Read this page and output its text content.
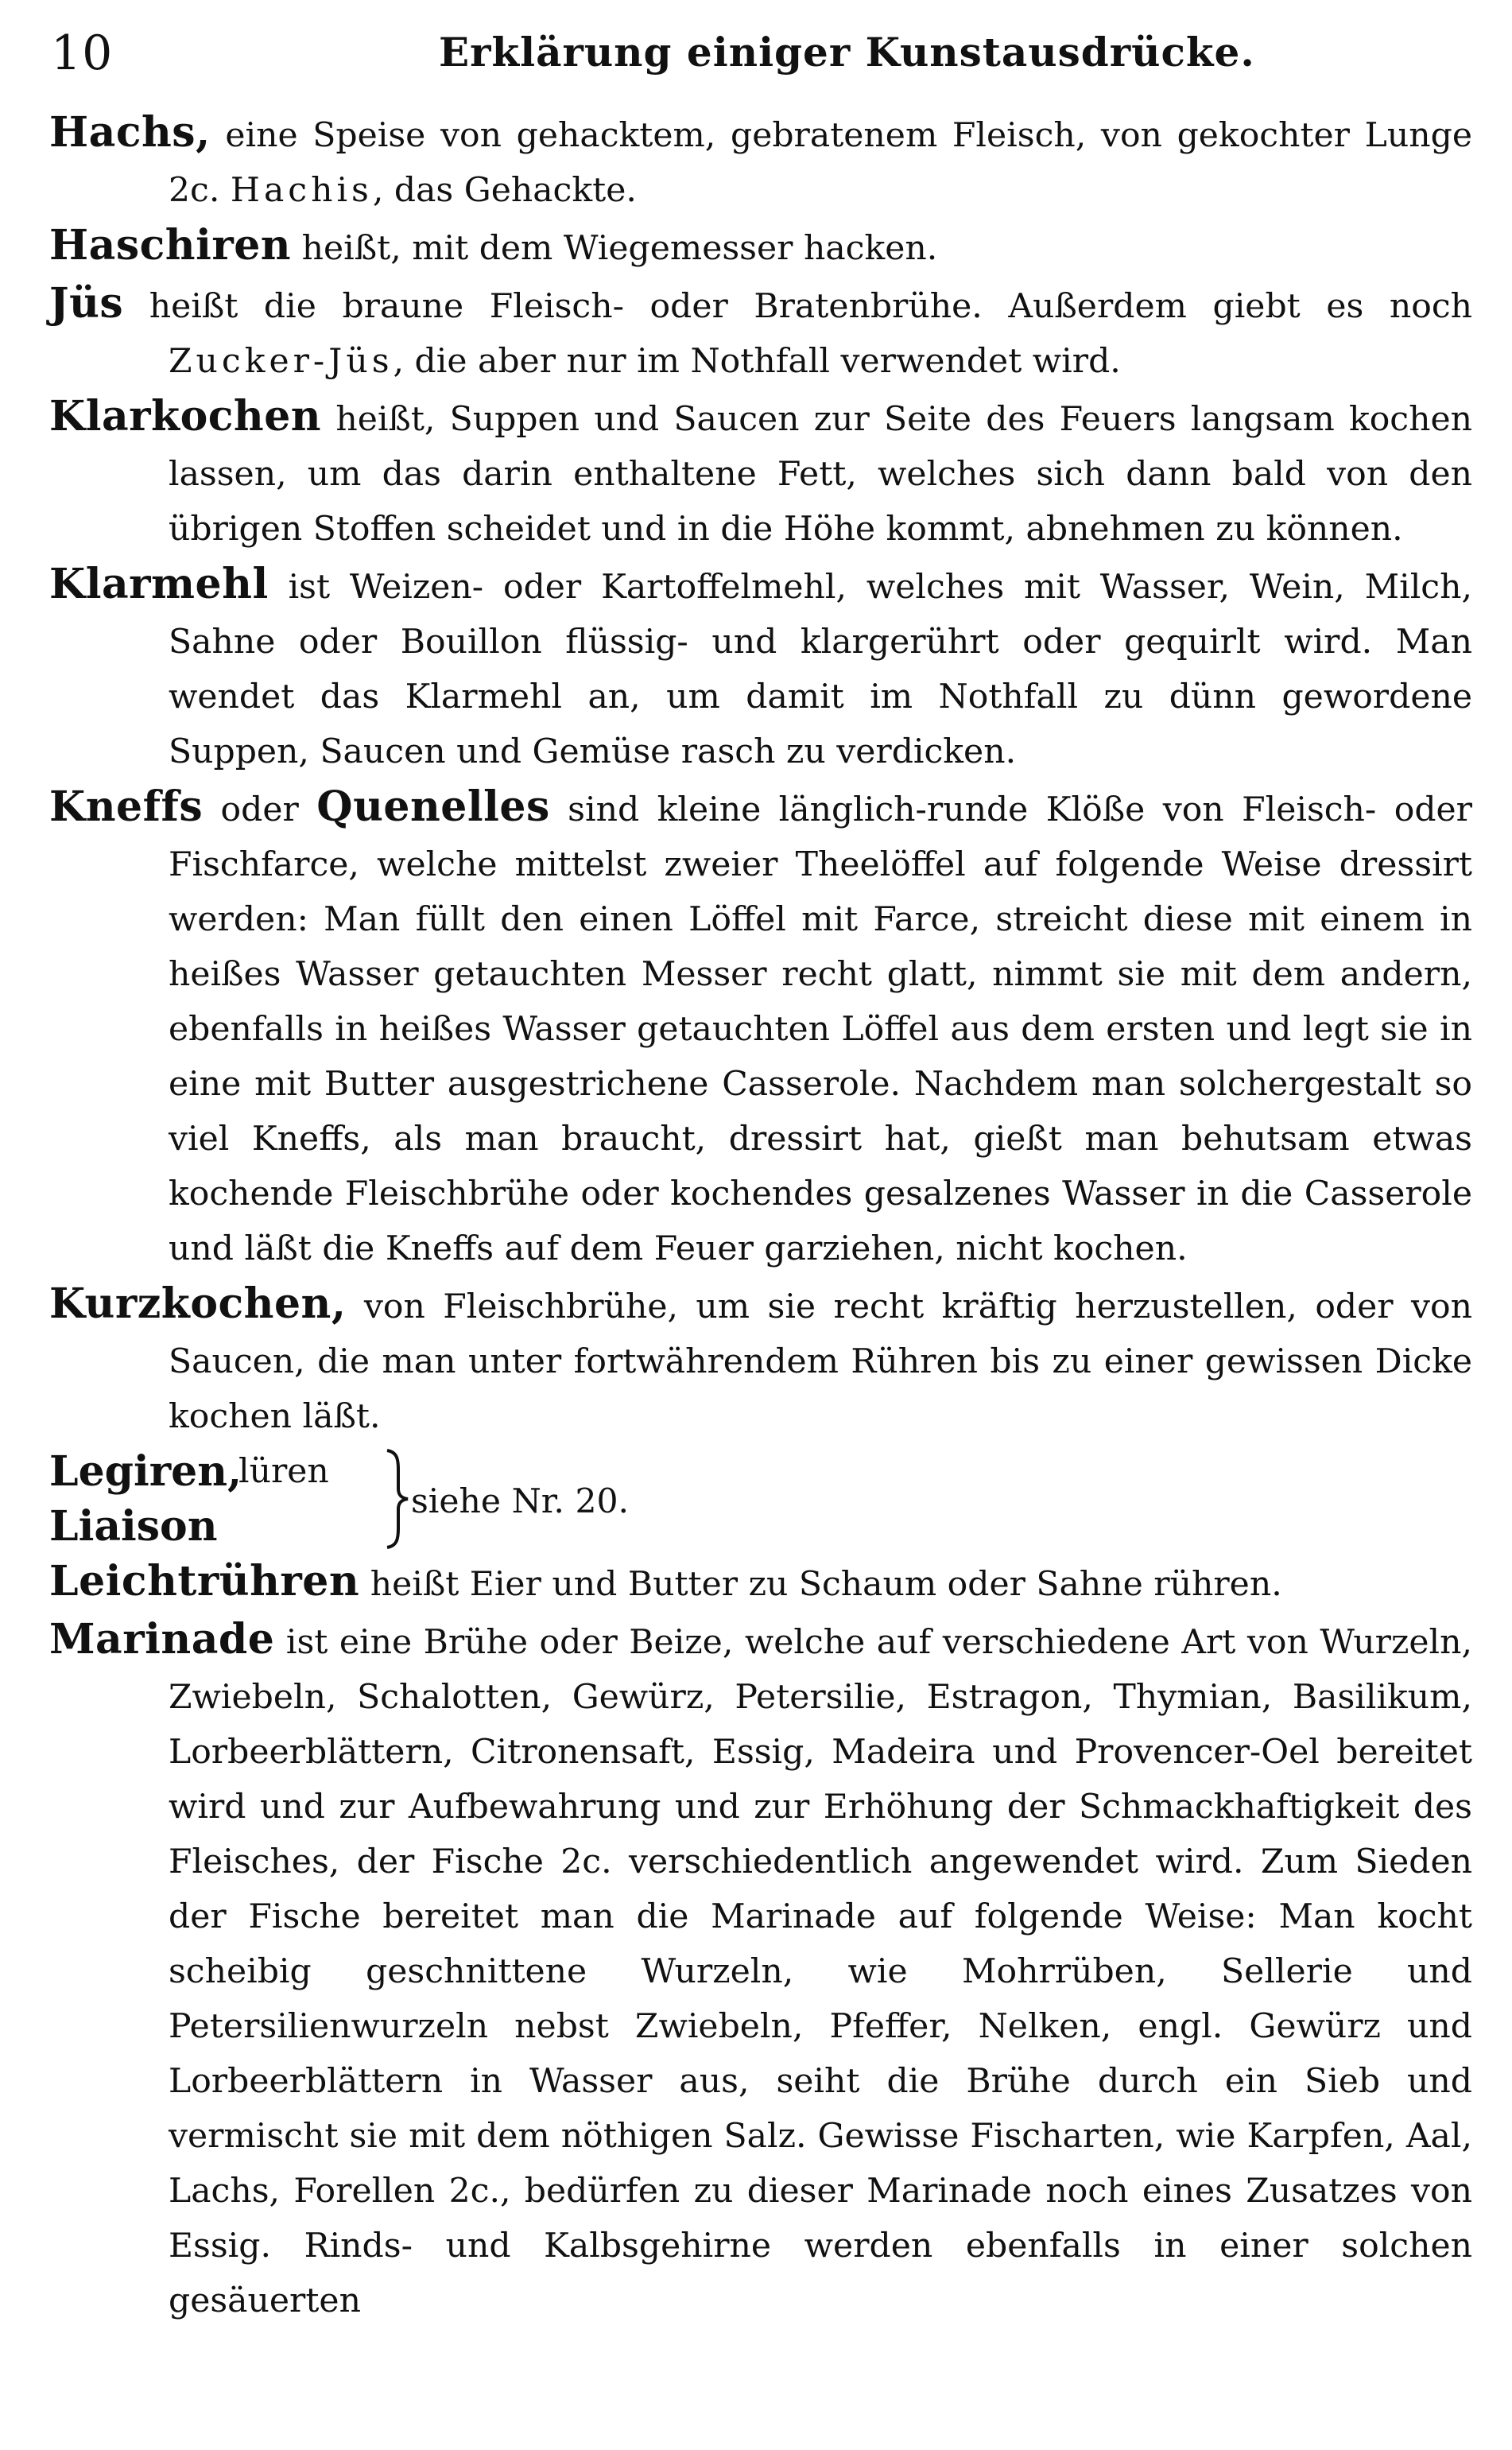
10	Erklärung einiger Kunstausdrücke.

Hachs, eine Speise von gehacktem, gebratenem Fleisch, von gekochter Lunge 2c. Hachis, das Gehackte.

Haschiren heißt, mit dem Wiegemesser hacken.

Jüs heißt die braune Fleisch- oder Bratenbrühe. Außerdem giebt es noch Zucker-Jüs, die aber nur im Nothfall verwendet wird.

Klarkochen heißt, Suppen und Saucen zur Seite des Feuers langsam kochen lassen, um das darin enthaltene Fett, welches sich dann bald von den übrigen Stoffen scheidet und in die Höhe kommt, abnehmen zu können.

Klarmehl ist Weizen- oder Kartoffelmehl, welches mit Wasser, Wein, Milch, Sahne oder Bouillon flüssig- und klargerührt oder gequirlt wird. Man wendet das Klarmehl an, um damit im Nothfall zu dünn gewordene Suppen, Saucen und Gemüse rasch zu verdicken.

Kneffs oder Quenelles sind kleine länglich-runde Klöße von Fleisch- oder Fischfarce, welche mittelst zweier Theelöffel auf folgende Weise dressirt werden: Man füllt den einen Löffel mit Farce, streicht diese mit einem in heißes Wasser getauchten Messer recht glatt, nimmt sie mit dem andern, ebenfalls in heißes Wasser getauchten Löffel aus dem ersten und legt sie in eine mit Butter ausgestrichene Casserole. Nachdem man solchergestalt so viel Kneffs, als man braucht, dressirt hat, gießt man behutsam etwas kochende Fleischbrühe oder kochendes gesalzenes Wasser in die Casserole und läßt die Kneffs auf dem Feuer garziehen, nicht kochen.

Kurzkochen, von Fleischbrühe, um sie recht kräftig herzustellen, oder von Saucen, die man unter fortwährendem Rühren bis zu einer gewissen Dicke kochen läßt.

Legiren,
lüren
Liaison
siehe Nr. 20.

Leichtrühren heißt Eier und Butter zu Schaum oder Sahne rühren.

Marinade ist eine Brühe oder Beize, welche auf verschiedene Art von Wurzeln, Zwiebeln, Schalotten, Gewürz, Petersilie, Estragon, Thymian, Basilikum, Lorbeerblättern, Citronensaft, Essig, Madeira und Provencer-Oel bereitet wird und zur Aufbewahrung und zur Erhöhung der Schmackhaftigkeit des Fleisches, der Fische 2c. verschiedentlich angewendet wird. Zum Sieden der Fische bereitet man die Marinade auf folgende Weise: Man kocht scheibig geschnittene Wurzeln, wie Mohrrüben, Sellerie und Petersilienwurzeln nebst Zwiebeln, Pfeffer, Nelken, engl. Gewürz und Lorbeerblättern in Wasser aus, seiht die Brühe durch ein Sieb und vermischt sie mit dem nöthigen Salz. Gewisse Fischarten, wie Karpfen, Aal, Lachs, Forellen 2c., bedürfen zu dieser Marinade noch eines Zusatzes von Essig. Rinds- und Kalbsgehirne werden ebenfalls in einer solchen gesäuerten
